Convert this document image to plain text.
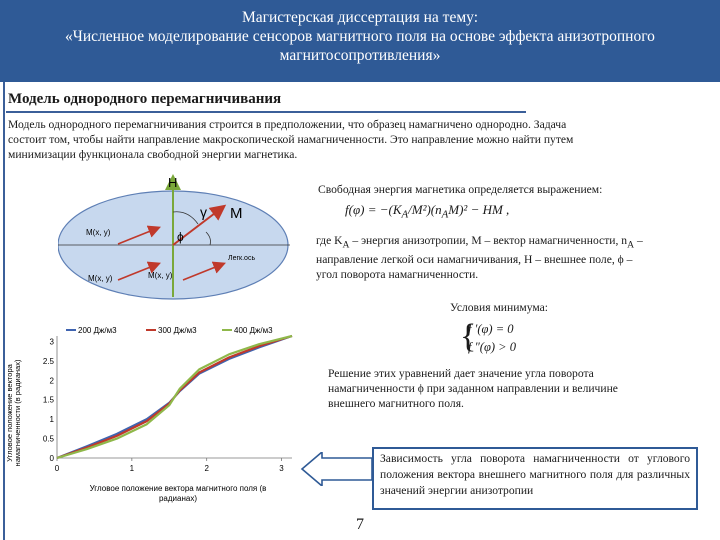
Магистерская диссертация на тему:
«Численное моделирование сенсоров магнитного поля на основе эффекта анизотропного
магнитосопротивления»
Модель однородного перемагничивания
Модель однородного перемагничивания строится в предположении, что образец намагничено однородно. Задача
состоит том, чтобы найти направление макроскопической намагниченности. Это направление можно найти путем
минимизации функционала свободной энергии магнетика.
H
γ M
ϕ
Легк.ось
M(x, y)
M(x, y)	M(x, y)
Свободная энергия магнетика определяется выражением:
$f(\varphi) = -(K_A/M^2)(n_AM)^2$ − HM ,
где $K_A$ – энергия анизотропии, M – вектор намагниченности, $n_A$ –
направление легкой оси намагничивания, H – внешнее поле, ϕ –
угол поворота намагниченности.
Условия минимума:
{
f ′(φ) = 0
f ″(φ) > 0
Решение этих уравнений дает значение угла поворота
намагниченности ϕ при заданном направлении и величине
внешнего магнитного поля.
0
0.5
1
1.5
2
2.5
3
0	1	2	3
200 Дж/м3	300 Дж/м3	400 Дж/м3
Угловое положение вектора намагниченности (в радианах)
Угловое положение вектора магнитного поля (в
радианах)
Зависимость угла поворота намагниченности от углового положения вектора внешнего магнитного поля для различных значений энергии анизотропии
7
